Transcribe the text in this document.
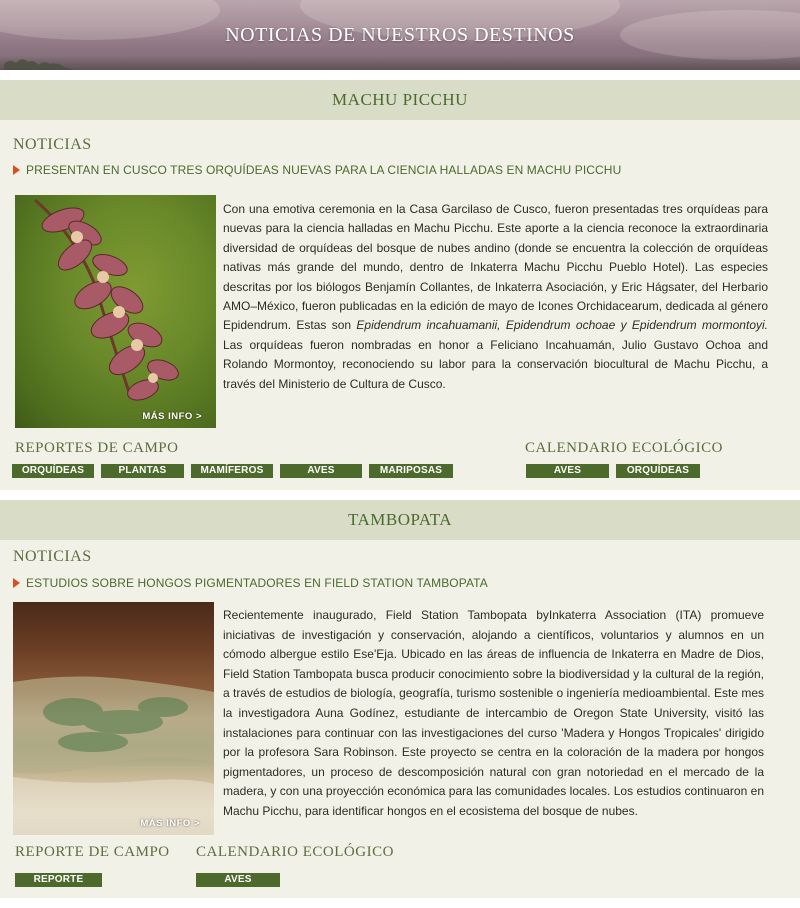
NOTICIAS DE NUESTROS DESTINOS
MACHU PICCHU
NOTICIAS
PRESENTAN EN CUSCO TRES ORQUÍDEAS NUEVAS PARA LA CIENCIA HALLADAS EN MACHU PICCHU
MÁS INFO >
Con una emotiva ceremonia en la Casa Garcilaso de Cusco, fueron presentadas tres orquídeas para nuevas para la ciencia halladas en Machu Picchu. Este aporte a la ciencia reconoce la extraordinaria diversidad de orquídeas del bosque de nubes andino (donde se encuentra la colección de orquídeas nativas más grande del mundo, dentro de Inkaterra Machu Picchu Pueblo Hotel). Las especies descritas por los biólogos Benjamín Collantes, de Inkaterra Asociación, y Eric Hágsater, del Herbario AMO–México, fueron publicadas en la edición de mayo de Icones Orchidacearum, dedicada al género Epidendrum. Estas son Epidendrum incahuamanii, Epidendrum ochoae y Epidendrum mormontoyi. Las orquídeas fueron nombradas en honor a Feliciano Incahuamán, Julio Gustavo Ochoa and Rolando Mormontoy, reconociendo su labor para la conservación biocultural de Machu Picchu, a través del Ministerio de Cultura de Cusco.
REPORTES DE CAMPO
ORQUÍDEAS	PLANTAS	MAMÍFEROS	AVES	MARIPOSAS
CALENDARIO ECOLÓGICO
AVES	ORQUÍDEAS
TAMBOPATA
NOTICIAS
ESTUDIOS SOBRE HONGOS PIGMENTADORES EN FIELD STATION TAMBOPATA
MÁS INFO >
Recientemente inaugurado, Field Station Tambopata byInkaterra Association (ITA) promueve iniciativas de investigación y conservación, alojando a científicos, voluntarios y alumnos en un cómodo albergue estilo Ese'Eja. Ubicado en las áreas de influencia de Inkaterra en Madre de Dios, Field Station Tambopata busca producir conocimiento sobre la biodiversidad y la cultural de la región, a través de estudios de biología, geografía, turismo sostenible o ingeniería medioambiental. Este mes la investigadora Auna Godínez, estudiante de intercambio de Oregon State University, visitó las instalaciones para continuar con las investigaciones del curso 'Madera y Hongos Tropicales' dirigido por la profesora Sara Robinson. Este proyecto se centra en la coloración de la madera por hongos pigmentadores, un proceso de descomposición natural con gran notoriedad en el mercado de la madera, y con una proyección económica para las comunidades locales. Los estudios continuaron en Machu Picchu, para identificar hongos en el ecosistema del bosque de nubes.
REPORTE DE CAMPO
REPORTE
CALENDARIO ECOLÓGICO
AVES
